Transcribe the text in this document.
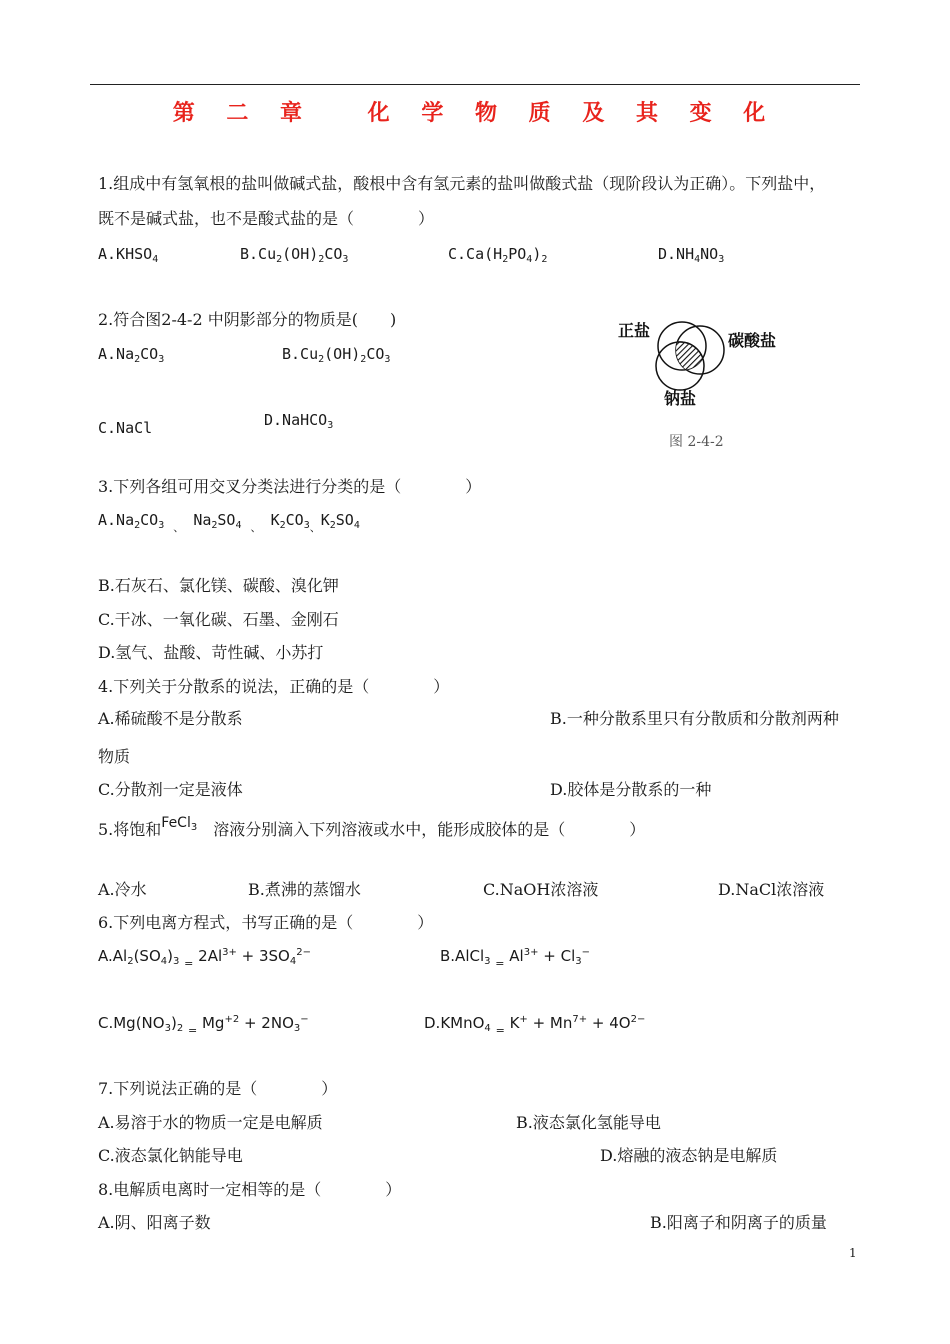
第 二 章　 化 学 物 质 及 其 变 化
1.组成中有氢氧根的盐叫做碱式盐，酸根中含有氢元素的盐叫做酸式盐（现阶段认为正确）。下列盐中，
既不是碱式盐，也不是酸式盐的是（　　　　）
$A.KHSO_4$	$B.Cu_2(OH)_2CO_3$	$C.Ca(H_2PO_4)_2$	$D.NH_4NO_3$
2.符合图2-4-2 中阴影部分的物质是(　　)
$A.Na_2CO_3$	$B.Cu_2(OH)_2CO_3$
C.NaCl	D.NaHCO$_3$
正盐
碳酸盐
钠盐
图 2-4-2
3.下列各组可用交叉分类法进行分类的是（　　　　）
$A.Na_2CO_3$ $_、$ $Na_2SO_4$ $_、$ $K_2CO_{3、}K_2SO_4$
B.石灰石、氯化镁、碳酸、溴化钾
C.干冰、一氧化碳、石墨、金刚石
D.氢气、盐酸、苛性碱、小苏打
4.下列关于分散系的说法，正确的是（　　　　）
A.稀硫酸不是分散系	B.一种分散系里只有分散质和分散剂两种
物质
C.分散剂一定是液体	D.胶体是分散系的一种
5.将饱和FeCl$_3$　溶液分别滴入下列溶液或水中，能形成胶体的是（　　　　）
A.冷水	B.煮沸的蒸馏水	C.NaOH浓溶液	D.NaCl浓溶液
6.下列电离方程式，书写正确的是（　　　　）
$A.Al_2(SO_4)_3$ $_=$ $2Al^{3+} + 3SO_4^{2-}$	B.AlCl$_3$ $_=$ $Al^{3+} + Cl_3^-$
$C.Mg(NO_3)_2$ $_=$ $Mg^{+2} + 2NO_3^-$	D.KMnO$_4$ $_=$ $K^+ + Mn^{7+} + 4O^{2-}$
7.下列说法正确的是（　　　　）
A.易溶于水的物质一定是电解质	B.液态氯化氢能导电
C.液态氯化钠能导电	D.熔融的液态钠是电解质
8.电解质电离时一定相等的是（　　　　）
A.阴、阳离子数	B.阳离子和阴离子的质量
1
